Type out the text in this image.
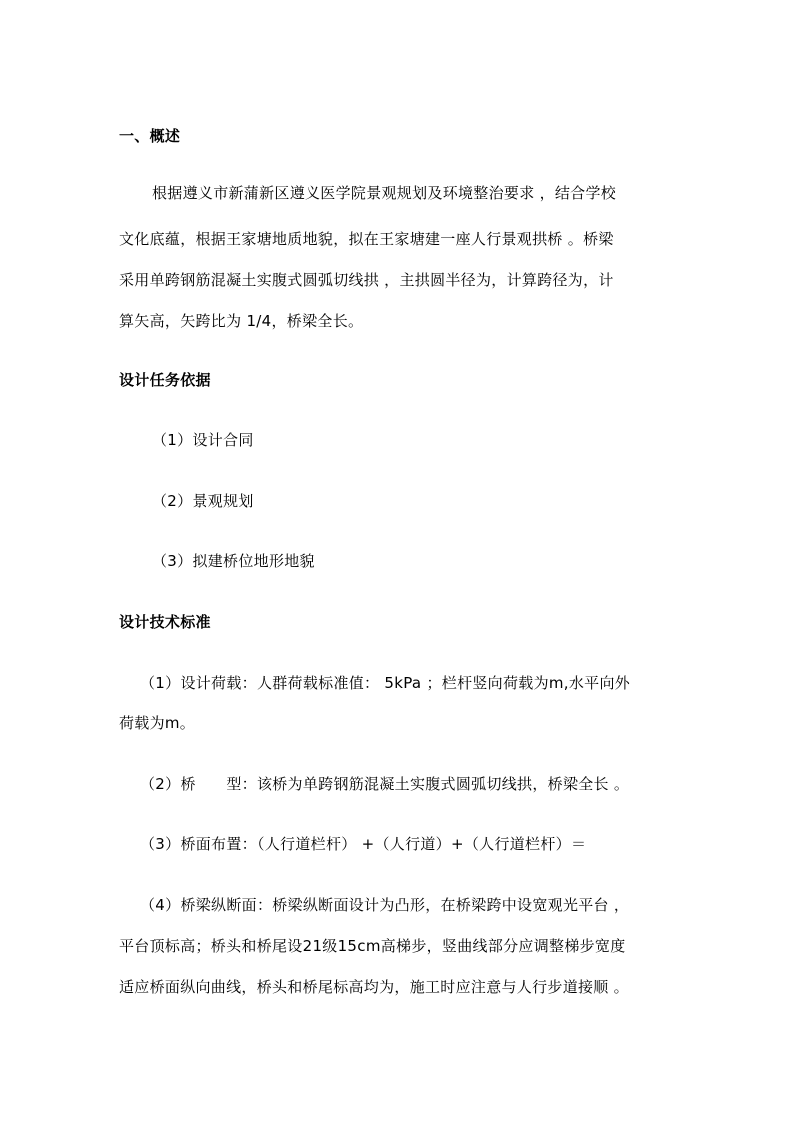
一、概述
根据遵义市新蒲新区遵义医学院景观规划及环境整治要求 ，结合学校
文化底蕴，根据王家塘地质地貌，拟在王家塘建一座人行景观拱桥 。桥梁
采用单跨钢筋混凝土实腹式圆弧切线拱 ，主拱圆半径为，计算跨径为，计
算矢高，矢跨比为 1/4，桥梁全长。
设计任务依据
（1）设计合同
（2）景观规划
（3）拟建桥位地形地貌
设计技术标准
（1）设计荷载：人群荷载标准值： 5kPa ；栏杆竖向荷载为m,水平向外
荷载为m。
（2）桥　　型：该桥为单跨钢筋混凝土实腹式圆弧切线拱，桥梁全长 。
（3）桥面布置：（人行道栏杆） +（人行道）+（人行道栏杆）＝
（4）桥梁纵断面：桥梁纵断面设计为凸形，在桥梁跨中设宽观光平台 ，
平台顶标高；桥头和桥尾设21级15cm高梯步，竖曲线部分应调整梯步宽度
适应桥面纵向曲线，桥头和桥尾标高均为，施工时应注意与人行步道接顺 。
